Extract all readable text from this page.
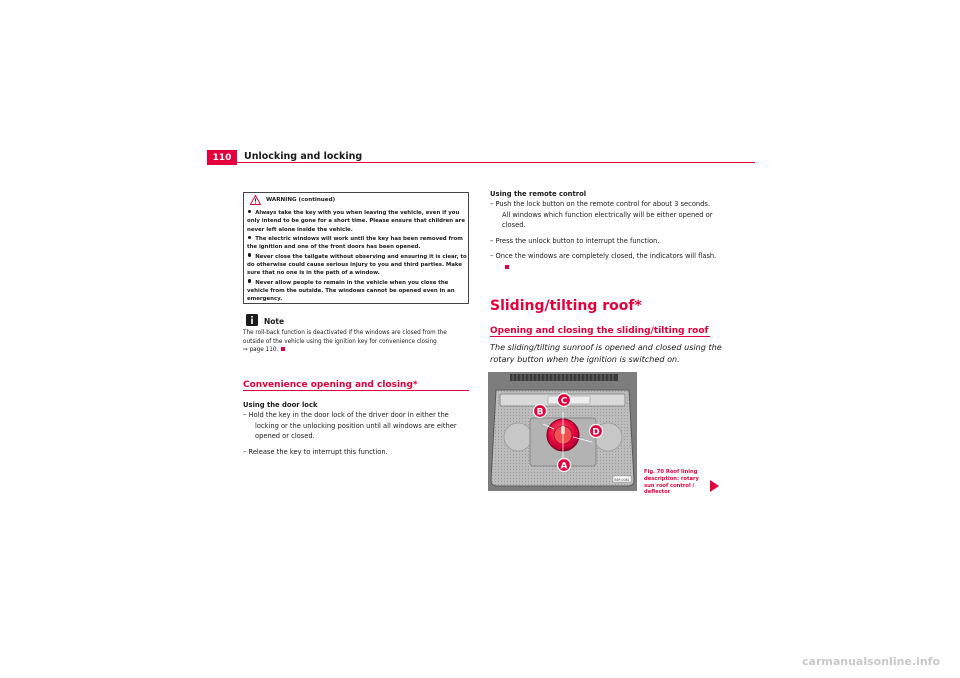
110	Unlocking and locking
WARNING (continued)
Always take the key with you when leaving the vehicle, even if you only intend to be gone for a short time. Please ensure that children are never left alone inside the vehicle.
The electric windows will work until the key has been removed from the ignition and one of the front doors has been opened.
Never close the tailgate without observing and ensuring it is clear, to do otherwise could cause serious injury to you and third parties. Make sure that no one is in the path of a window.
Never allow people to remain in the vehicle when you close the vehicle from the outside. The windows cannot be opened even in an emergency.
Note
The roll-back function is deactivated if the windows are closed from the outside of the vehicle using the ignition key for convenience closing
⇒ page 110.
Convenience opening and closing*
Using the door lock
– Hold the key in the door lock of the driver door in either the locking or the unlocking position until all windows are either opened or closed.
– Release the key to interrupt this function.
Using the remote control
– Push the lock button on the remote control for about 3 seconds. All windows which function electrically will be either opened or closed.
– Press the unlock button to interrupt the function.
– Once the windows are completely closed, the indicators will flash.
Sliding/tilting roof*
Opening and closing the sliding/tilting roof
The sliding/tilting sunroof is opened and closed using the rotary button when the ignition is switched on.
A
B
C
D
B5P-0081
Fig. 70 Roof lining description: rotary sun roof control / deflector
carmanualsonline.info
